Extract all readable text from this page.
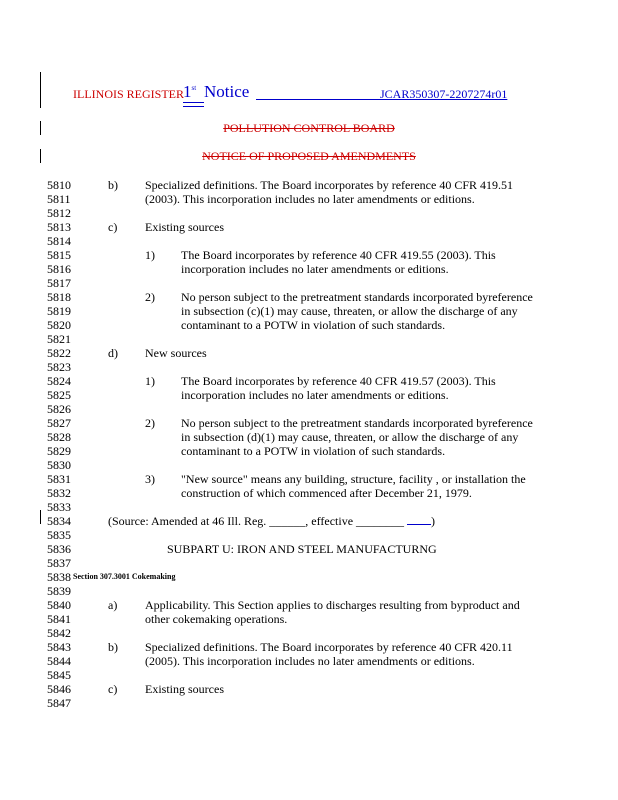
ILLINOIS REGISTER 1st Notice	JCAR350307-2207274r01
POLLUTION CONTROL BOARD
NOTICE OF PROPOSED AMENDMENTS
5810
5811
5812
5813
5814
5815
5816
5817
5818
5819
5820
5821
5822
5823
5824
5825
5826
5827
5828
5829
5830
5831
5832
5833
5834
5835
5836
5837
5838
5839
5840
5841
5842
5843
5844
5845
5846
5847
b) Specialized definitions. The Board incorporates by reference 40 CFR 419.51
(2003). This incorporation includes no later amendments or editions.
c) Existing sources
1) The Board incorporates by reference 40 CFR 419.55 (2003). This
incorporation includes no later amendments or editions.
2) No person subject to the pretreatment standards incorporated byreference
in subsection (c)(1) may cause, threaten, or allow the discharge of any
contaminant to a POTW in violation of such standards.
d) New sources
1) The Board incorporates by reference 40 CFR 419.57 (2003). This
incorporation includes no later amendments or editions.
2) No person subject to the pretreatment standards incorporated byreference
in subsection (d)(1) may cause, threaten, or allow the discharge of any
contaminant to a POTW in violation of such standards.
3) "New source" means any building, structure, facility , or installation the
construction of which commenced after December 21, 1979.
(Source: Amended at 46 Ill. Reg. ______, effective ________ )
SUBPART U: IRON AND STEEL MANUFACTURNG
Section 307.3001 Cokemaking
a) Applicability. This Section applies to discharges resulting from byproduct and
other cokemaking operations.
b) Specialized definitions. The Board incorporates by reference 40 CFR 420.11
(2005). This incorporation includes no later amendments or editions.
c) Existing sources
